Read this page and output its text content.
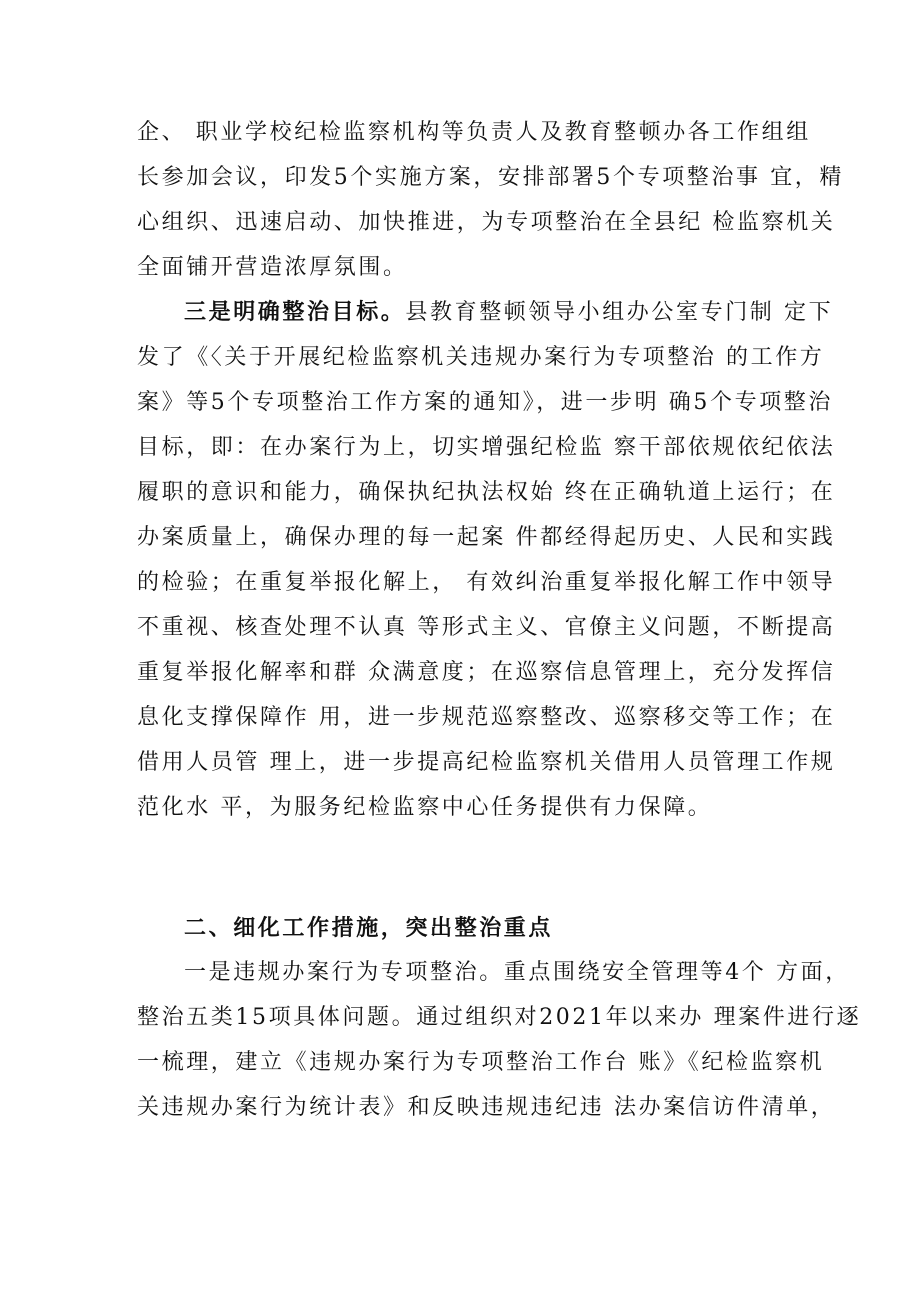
企、 职业学校纪检监察机构等负责人及教育整顿办各工作组组

长参加会议，印发5个实施方案，安排部署5个专项整治事 宜，精

心组织、迅速启动、加快推进，为专项整治在全县纪 检监察机关

全面铺开营造浓厚氛围。

三是明确整治目标。县教育整顿领导小组办公室专门制 定下

发了《〈关于开展纪检监察机关违规办案行为专项整治 的工作方

案》等5个专项整治工作方案的通知》，进一步明 确5个专项整治

目标，即：在办案行为上，切实增强纪检监 察干部依规依纪依法

履职的意识和能力，确保执纪执法权始 终在正确轨道上运行；在

办案质量上，确保办理的每一起案 件都经得起历史、人民和实践

的检验；在重复举报化解上， 有效纠治重复举报化解工作中领导

不重视、核查处理不认真 等形式主义、官僚主义问题，不断提高

重复举报化解率和群 众满意度；在巡察信息管理上，充分发挥信

息化支撑保障作 用，进一步规范巡察整改、巡察移交等工作；在

借用人员管 理上，进一步提高纪检监察机关借用人员管理工作规

范化水 平，为服务纪检监察中心任务提供有力保障。

二、细化工作措施，突出整治重点

一是违规办案行为专项整治。重点围绕安全管理等4个 方面，

整治五类15项具体问题。通过组织对2021年以来办 理案件进行逐

一梳理，建立《违规办案行为专项整治工作台 账》《纪检监察机

关违规办案行为统计表》和反映违规违纪违 法办案信访件清单，
